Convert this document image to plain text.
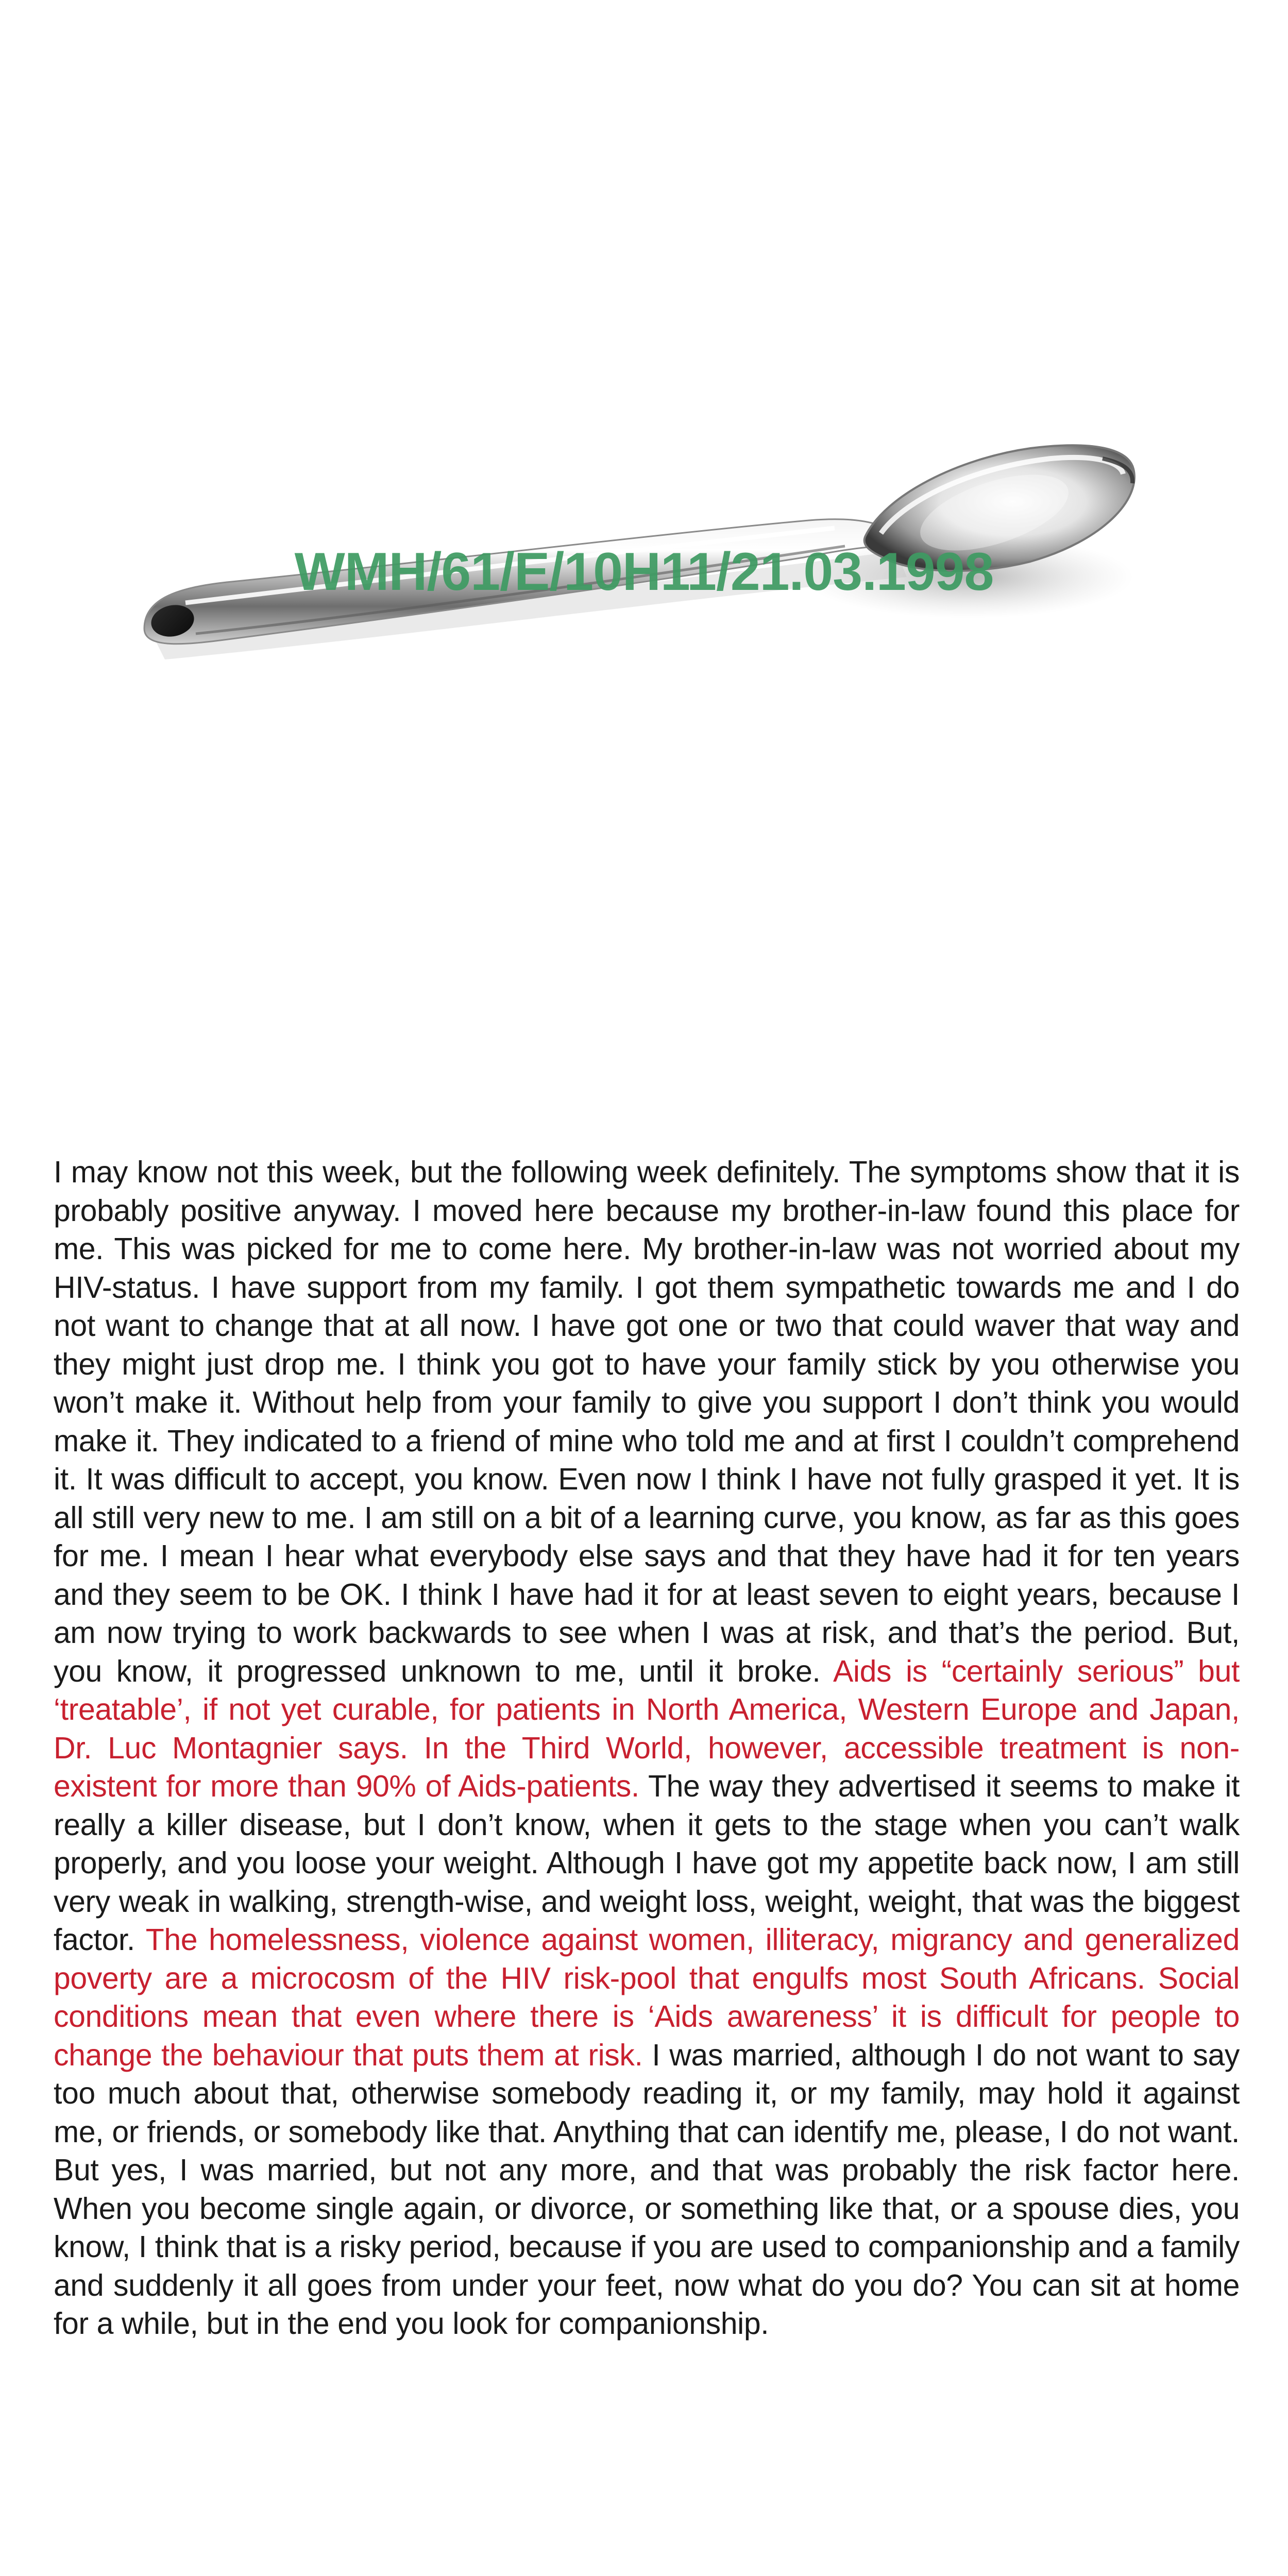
WMH/61/E/10H11/21.03.1998

I may know not this week, but the following week definitely. The symptoms show that it is probably positive anyway. I moved here because my brother-in-law found this place for me. This was picked for me to come here. My brother-in-law was not worried about my HIV-status. I have support from my family. I got them sympathetic towards me and I do not want to change that at all now. I have got one or two that could waver that way and they might just drop me. I think you got to have your family stick by you otherwise you won’t make it. Without help from your family to give you support I don’t think you would make it. They indicated to a friend of mine who told me and at first I couldn’t comprehend it. It was difficult to accept, you know. Even now I think I have not fully grasped it yet. It is all still very new to me. I am still on a bit of a learning curve, you know, as far as this goes for me. I mean I hear what everybody else says and that they have had it for ten years and they seem to be OK. I think I have had it for at least seven to eight years, because I am now trying to work backwards to see when I was at risk, and that’s the period. But, you know, it progressed unknown to me, until it broke. Aids is “certainly serious” but ‘treatable’, if not yet curable, for patients in North America, Western Europe and Japan, Dr. Luc Montagnier says. In the Third World, however, accessible treatment is non-existent for more than 90% of Aids-patients. The way they advertised it seems to make it really a killer disease, but I don’t know, when it gets to the stage when you can’t walk properly, and you loose your weight. Although I have got my appetite back now, I am still very weak in walking, strength-wise, and weight loss, weight, weight, that was the biggest factor. The homelessness, violence against women, illiteracy, migrancy and generalized poverty are a microcosm of the HIV risk-pool that engulfs most South Africans. Social conditions mean that even where there is ‘Aids awareness’ it is difficult for people to change the behaviour that puts them at risk. I was married, although I do not want to say too much about that, otherwise somebody reading it, or my family, may hold it against me, or friends, or somebody like that. Anything that can identify me, please, I do not want. But yes, I was married, but not any more, and that was probably the risk factor here. When you become single again, or divorce, or something like that, or a spouse dies, you know, I think that is a risky period, because if you are used to companionship and a family and suddenly it all goes from under your feet, now what do you do? You can sit at home for a while, but in the end you look for companionship.
